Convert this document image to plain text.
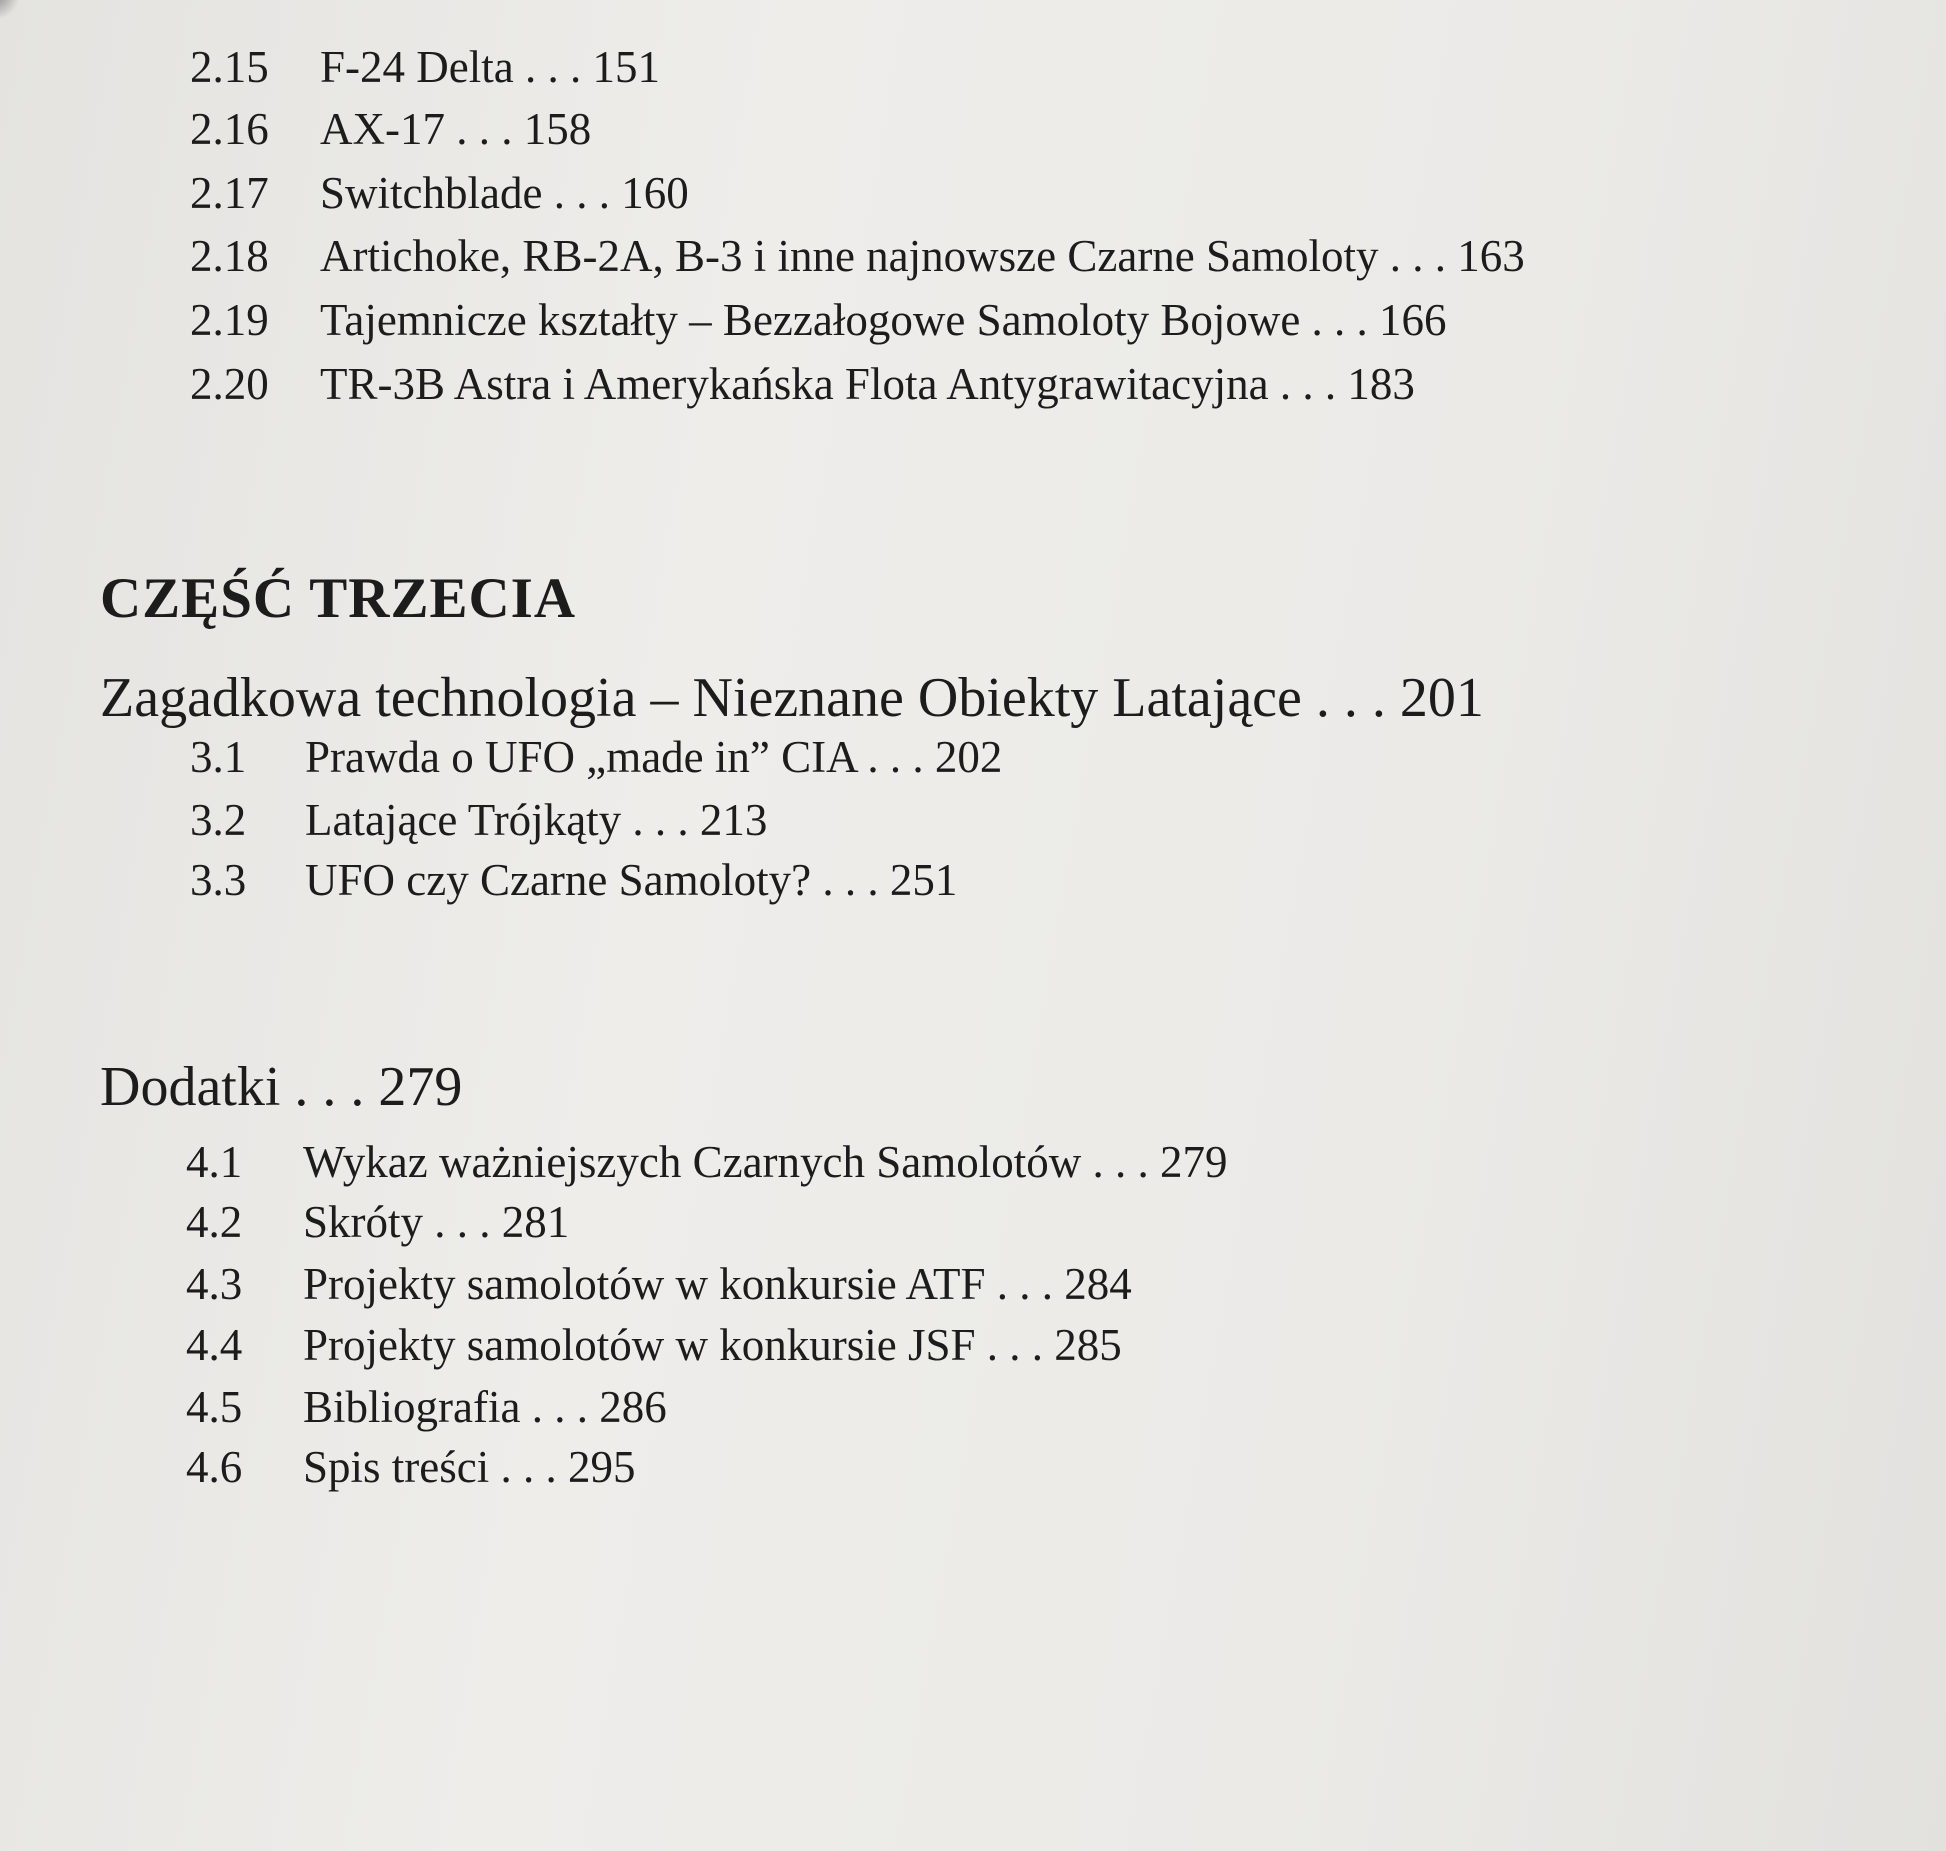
2.15 F-24 Delta . . . 151
2.16 AX-17 . . . 158
2.17 Switchblade . . . 160
2.18 Artichoke, RB-2A, B-3 i inne najnowsze Czarne Samoloty . . . 163
2.19 Tajemnicze kształty – Bezzałogowe Samoloty Bojowe . . . 166
2.20 TR-3B Astra i Amerykańska Flota Antygrawitacyjna . . . 183
CZĘŚĆ TRZECIA
Zagadkowa technologia – Nieznane Obiekty Latające . . . 201
3.1 Prawda o UFO „made in” CIA . . . 202
3.2 Latające Trójkąty . . . 213
3.3 UFO czy Czarne Samoloty? . . . 251
Dodatki . . . 279
4.1 Wykaz ważniejszych Czarnych Samolotów . . . 279
4.2 Skróty . . . 281
4.3 Projekty samolotów w konkursie ATF . . . 284
4.4 Projekty samolotów w konkursie JSF . . . 285
4.5 Bibliografia . . . 286
4.6 Spis treści . . . 295
